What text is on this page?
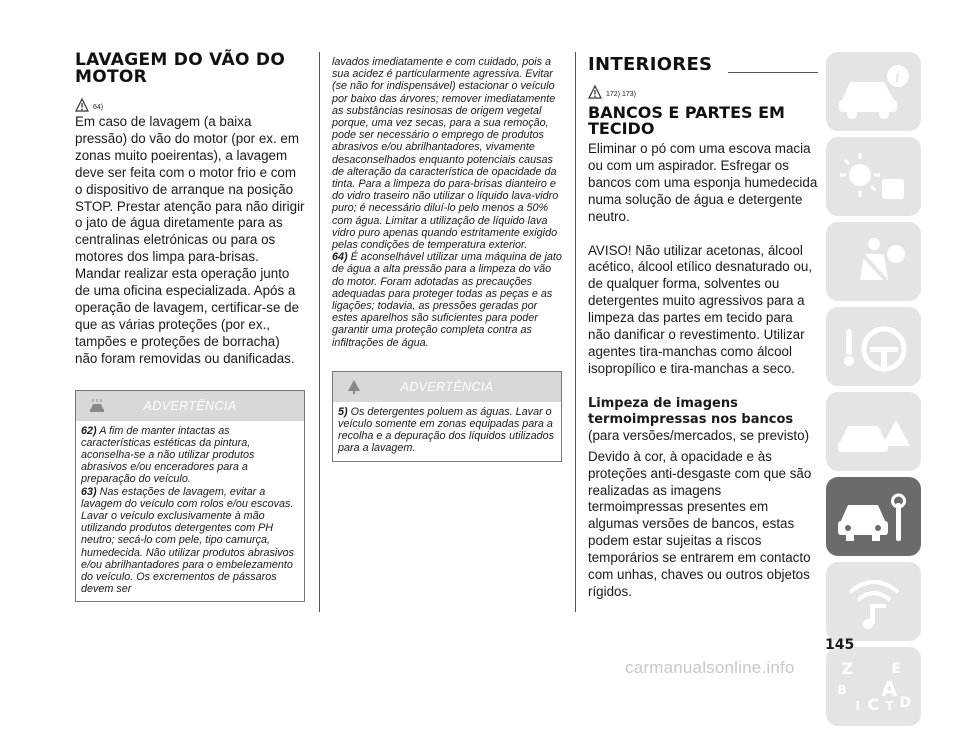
LAVAGEM DO VÃO DO MOTOR
64)

Em caso de lavagem (a baixa pressão) do vão do motor (por ex. em zonas muito poeirentas), a lavagem deve ser feita com o motor frio e com o dispositivo de arranque na posição STOP. Prestar atenção para não dirigir o jato de água diretamente para as centralinas eletrónicas ou para os motores dos limpa para-brisas. Mandar realizar esta operação junto de uma oficina especializada. Após a operação de lavagem, certificar-se de que as várias proteções (por ex., tampões e proteções de borracha) não foram removidas ou danificadas.

ADVERTÊNCIA

62) A fim de manter intactas as características estéticas da pintura, aconselha-se a não utilizar produtos abrasivos e/ou enceradores para a preparação do veículo.

63) Nas estações de lavagem, evitar a lavagem do veículo com rolos e/ou escovas. Lavar o veículo exclusivamente à mão utilizando produtos detergentes com PH neutro; secá-lo com pele, tipo camurça, humedecida. Não utilizar produtos abrasivos e/ou abrilhantadores para o embelezamento do veículo. Os excrementos de pássaros devem ser

lavados imediatamente e com cuidado, pois a sua acidez é particularmente agressiva. Evitar (se não for indispensável) estacionar o veículo por baixo das árvores; remover imediatamente as substâncias resinosas de origem vegetal porque, uma vez secas, para a sua remoção, pode ser necessário o emprego de produtos abrasivos e/ou abrilhantadores, vivamente desaconselhados enquanto potenciais causas de alteração da característica de opacidade da tinta. Para a limpeza do para-brisas dianteiro e do vidro traseiro não utilizar o líquido lava-vidro puro; é necessário diluí-lo pelo menos a 50% com água. Limitar a utilização de líquido lava vidro puro apenas quando estritamente exigido pelas condições de temperatura exterior.

64) É aconselhável utilizar uma máquina de jato de água a alta pressão para a limpeza do vão do motor. Foram adotadas as precauções adequadas para proteger todas as peças e as ligações; todavia, as pressões geradas por estes aparelhos são suficientes para poder garantir uma proteção completa contra as infiltrações de água.

ADVERTÊNCIA

5) Os detergentes poluem as águas. Lavar o veículo somente em zonas equipadas para a recolha e a depuração dos líquidos utilizados para a lavagem.

INTERIORES
172) 173)
BANCOS E PARTES EM TECIDO

Eliminar o pó com uma escova macia ou com um aspirador. Esfregar os bancos com uma esponja humedecida numa solução de água e detergente neutro.

AVISO! Não utilizar acetonas, álcool acético, álcool etílico desnaturado ou, de qualquer forma, solventes ou detergentes muito agressivos para a limpeza das partes em tecido para não danificar o revestimento. Utilizar agentes tira-manchas como álcool isopropílico e tira-manchas a seco.

Limpeza de imagens termoimpressas nos bancos

(para versões/mercados, se previsto)

Devido à cor, à opacidade e às proteções anti-desgaste com que são realizadas as imagens termoimpressas presentes em algumas versões de bancos, estas podem estar sujeitas a riscos temporários se entrarem em contacto com unhas, chaves ou outros objetos rígidos.

i
Z	E
B A
I C T D
145
carmanualsonline.info
